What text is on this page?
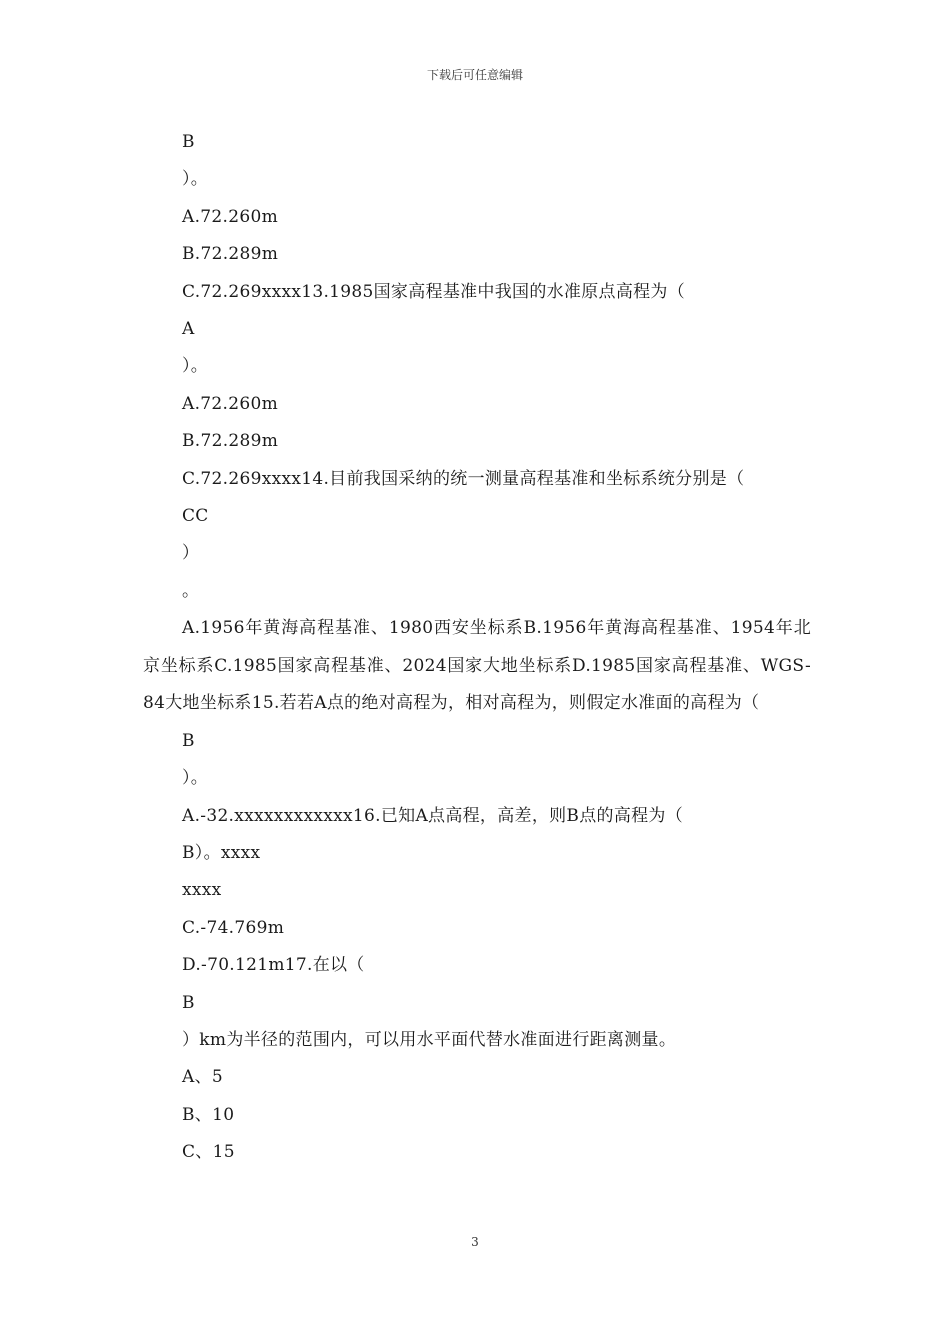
下载后可任意编辑
B
）。
A.72.260m
B.72.289m
C.72.269xxxx13.1985国家高程基准中我国的水准原点高程为（
A
）。
A.72.260m
B.72.289m
C.72.269xxxx14.目前我国采纳的统一测量高程基准和坐标系统分别是（
CC
）
。
A.1956年黄海高程基准、1980西安坐标系B.1956年黄海高程基准、1954年北京坐标系C.1985国家高程基准、2024国家大地坐标系D.1985国家高程基准、WGS-84大地坐标系15.若若A点的绝对高程为，相对高程为，则假定水准面的高程为（
B
）。
A.-32.xxxxxxxxxxxx16.已知A点高程，高差，则B点的高程为（
B）。xxxx
xxxx
C.-74.769m
D.-70.121m17.在以（
B
）km为半径的范围内，可以用水平面代替水准面进行距离测量。
A、5
B、10
C、15
3
